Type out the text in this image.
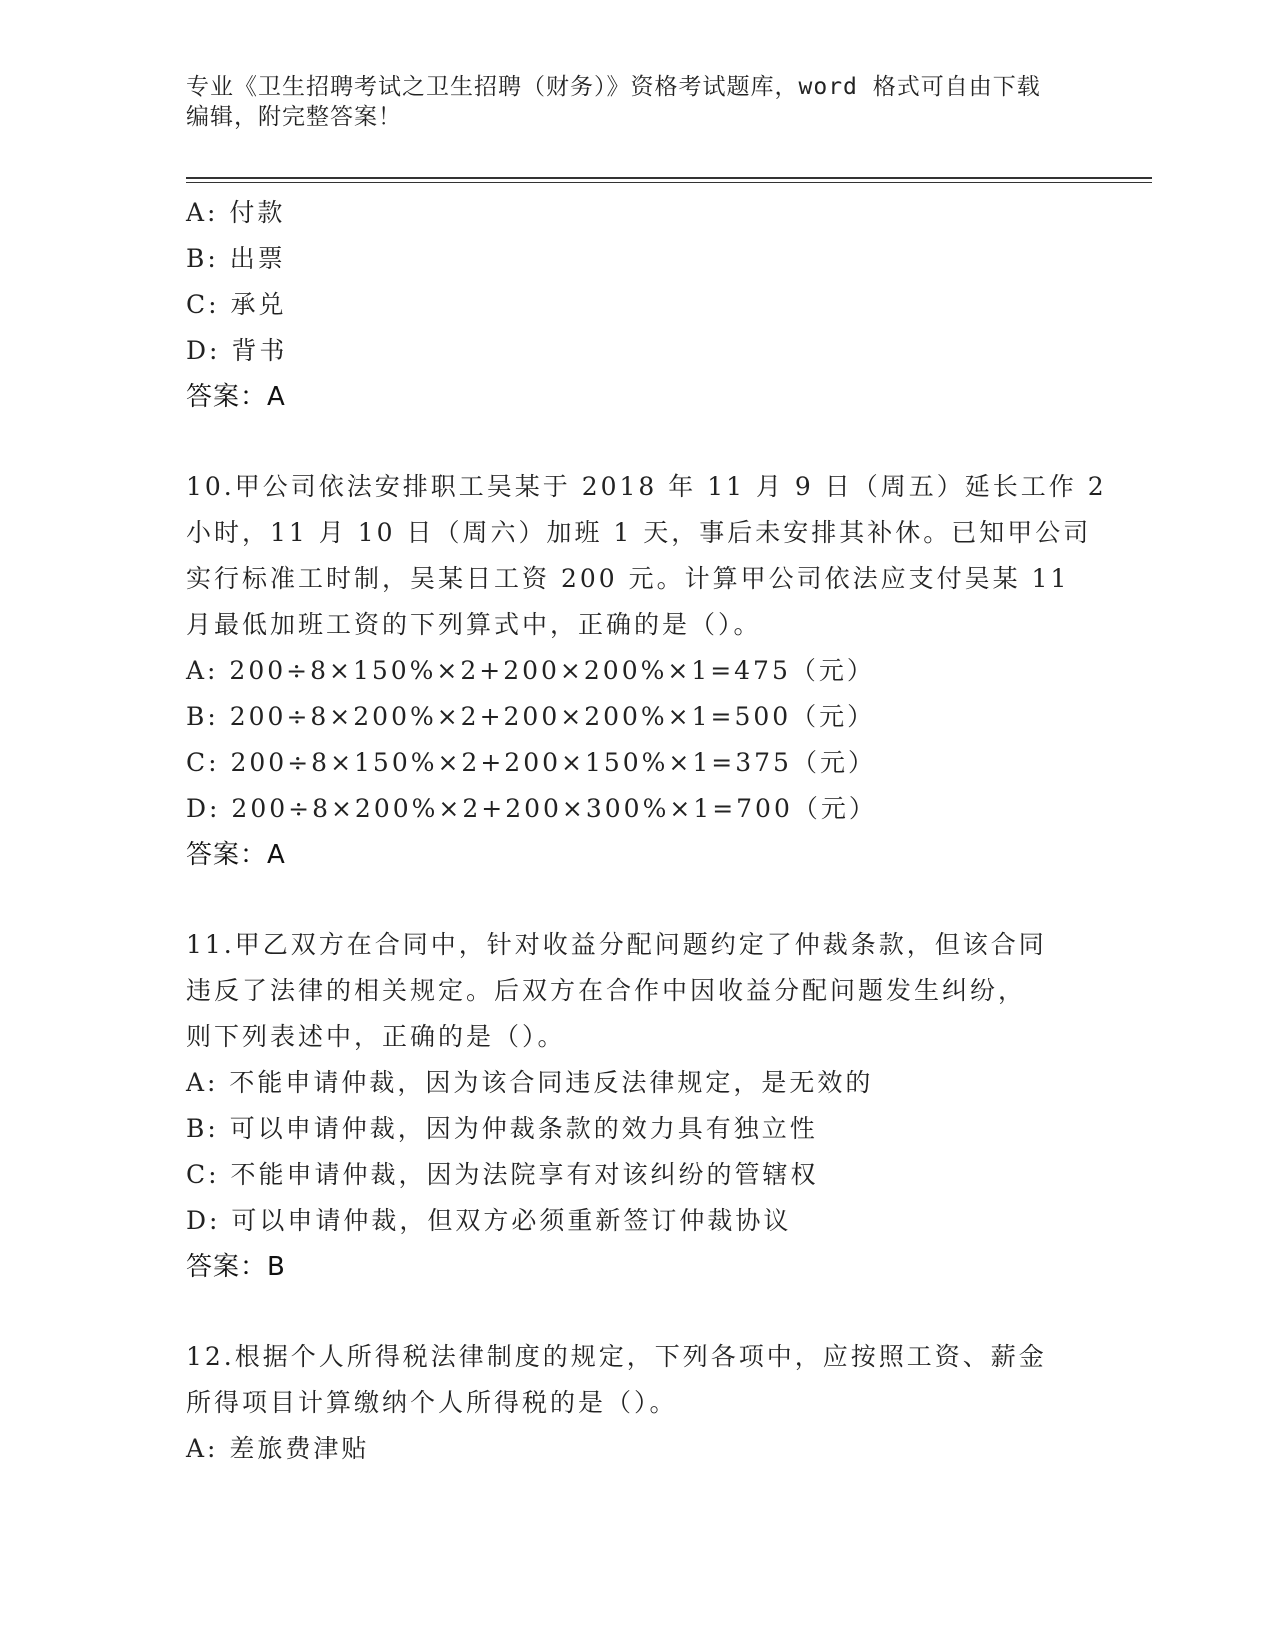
专业《卫生招聘考试之卫生招聘（财务）》资格考试题库，word 格式可自由下载
编辑，附完整答案！
A: 付款
B: 出票
C: 承兑
D: 背书
答案：A
10.甲公司依法安排职工吴某于 2018 年 11 月 9 日（周五）延长工作 2
小时，11 月 10 日（周六）加班 1 天，事后未安排其补休。已知甲公司
实行标准工时制，吴某日工资 200 元。计算甲公司依法应支付吴某 11
月最低加班工资的下列算式中，正确的是（）。
A: 200÷8×150%×2+200×200%×1=475（元）
B: 200÷8×200%×2+200×200%×1=500（元）
C: 200÷8×150%×2+200×150%×1=375（元）
D: 200÷8×200%×2+200×300%×1=700（元）
答案：A
11.甲乙双方在合同中，针对收益分配问题约定了仲裁条款，但该合同
违反了法律的相关规定。后双方在合作中因收益分配问题发生纠纷，
则下列表述中，正确的是（）。
A: 不能申请仲裁，因为该合同违反法律规定，是无效的
B: 可以申请仲裁，因为仲裁条款的效力具有独立性
C: 不能申请仲裁，因为法院享有对该纠纷的管辖权
D: 可以申请仲裁，但双方必须重新签订仲裁协议
答案：B
12.根据个人所得税法律制度的规定，下列各项中，应按照工资、薪金
所得项目计算缴纳个人所得税的是（）。
A: 差旅费津贴
